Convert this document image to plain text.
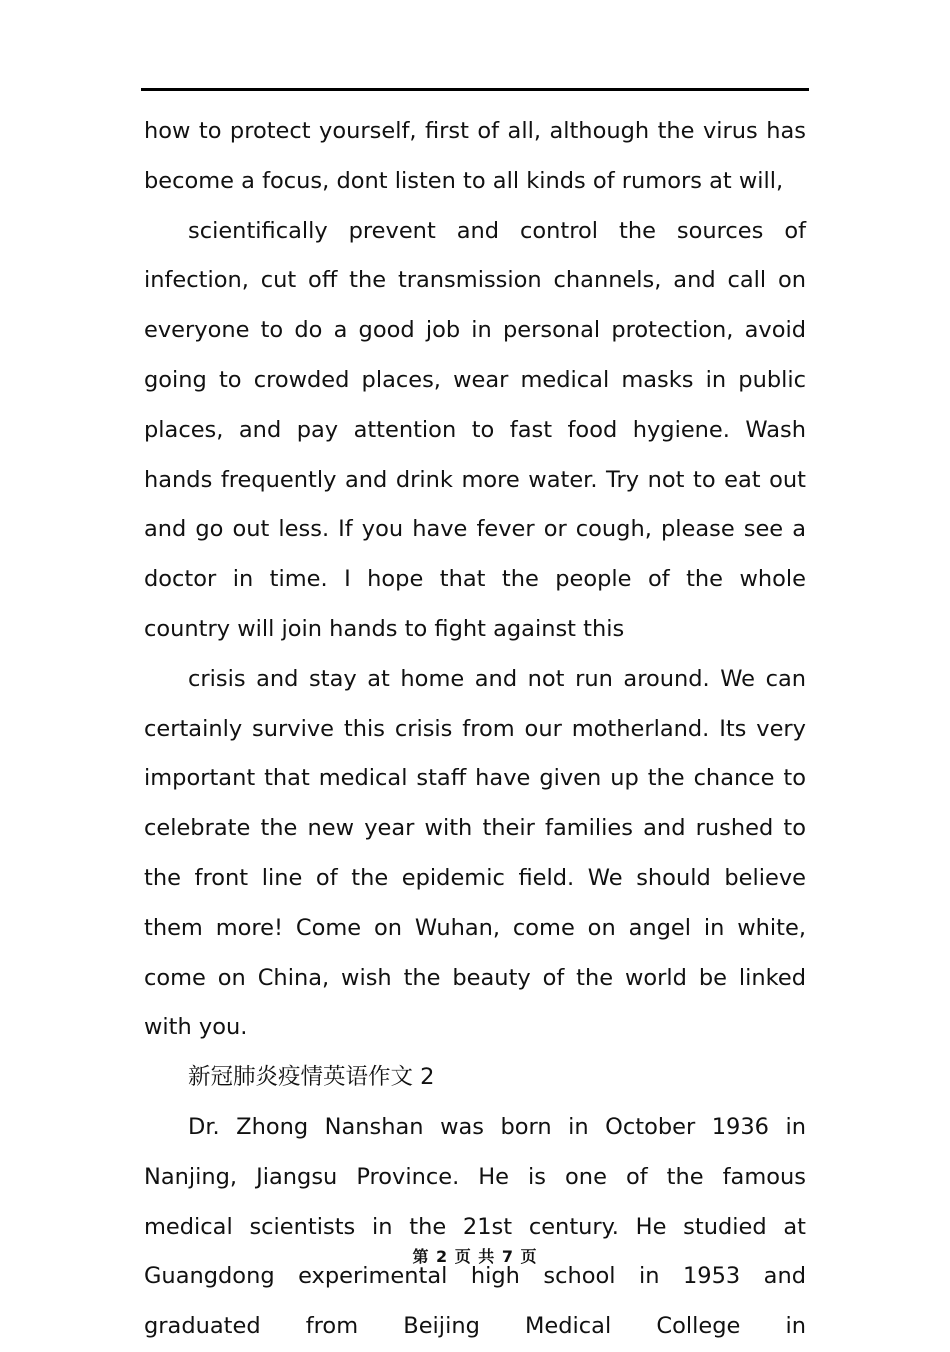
how to protect yourself, first of all, although the virus has become a focus, dont listen to all kinds of rumors at will,

scientifically prevent and control the sources of infection, cut off the transmission channels, and call on everyone to do a good job in personal protection, avoid going to crowded places, wear medical masks in public places, and pay attention to fast food hygiene. Wash hands frequently and drink more water. Try not to eat out and go out less. If you have fever or cough, please see a doctor in time. I hope that the people of the whole country will join hands to fight against this

crisis and stay at home and not run around. We can certainly survive this crisis from our motherland. Its very important that medical staff have given up the chance to celebrate the new year with their families and rushed to the front line of the epidemic field. We should believe them more! Come on Wuhan, come on angel in white, come on China, wish the beauty of the world be linked with you.

新冠肺炎疫情英语作文 2

Dr. Zhong Nanshan was born in October 1936 in Nanjing, Jiangsu Province. He is one of the famous medical scientists in the 21st century. He studied at Guangdong experimental high school in 1953 and graduated from Beijing Medical College in

第 2 页 共 7 页
